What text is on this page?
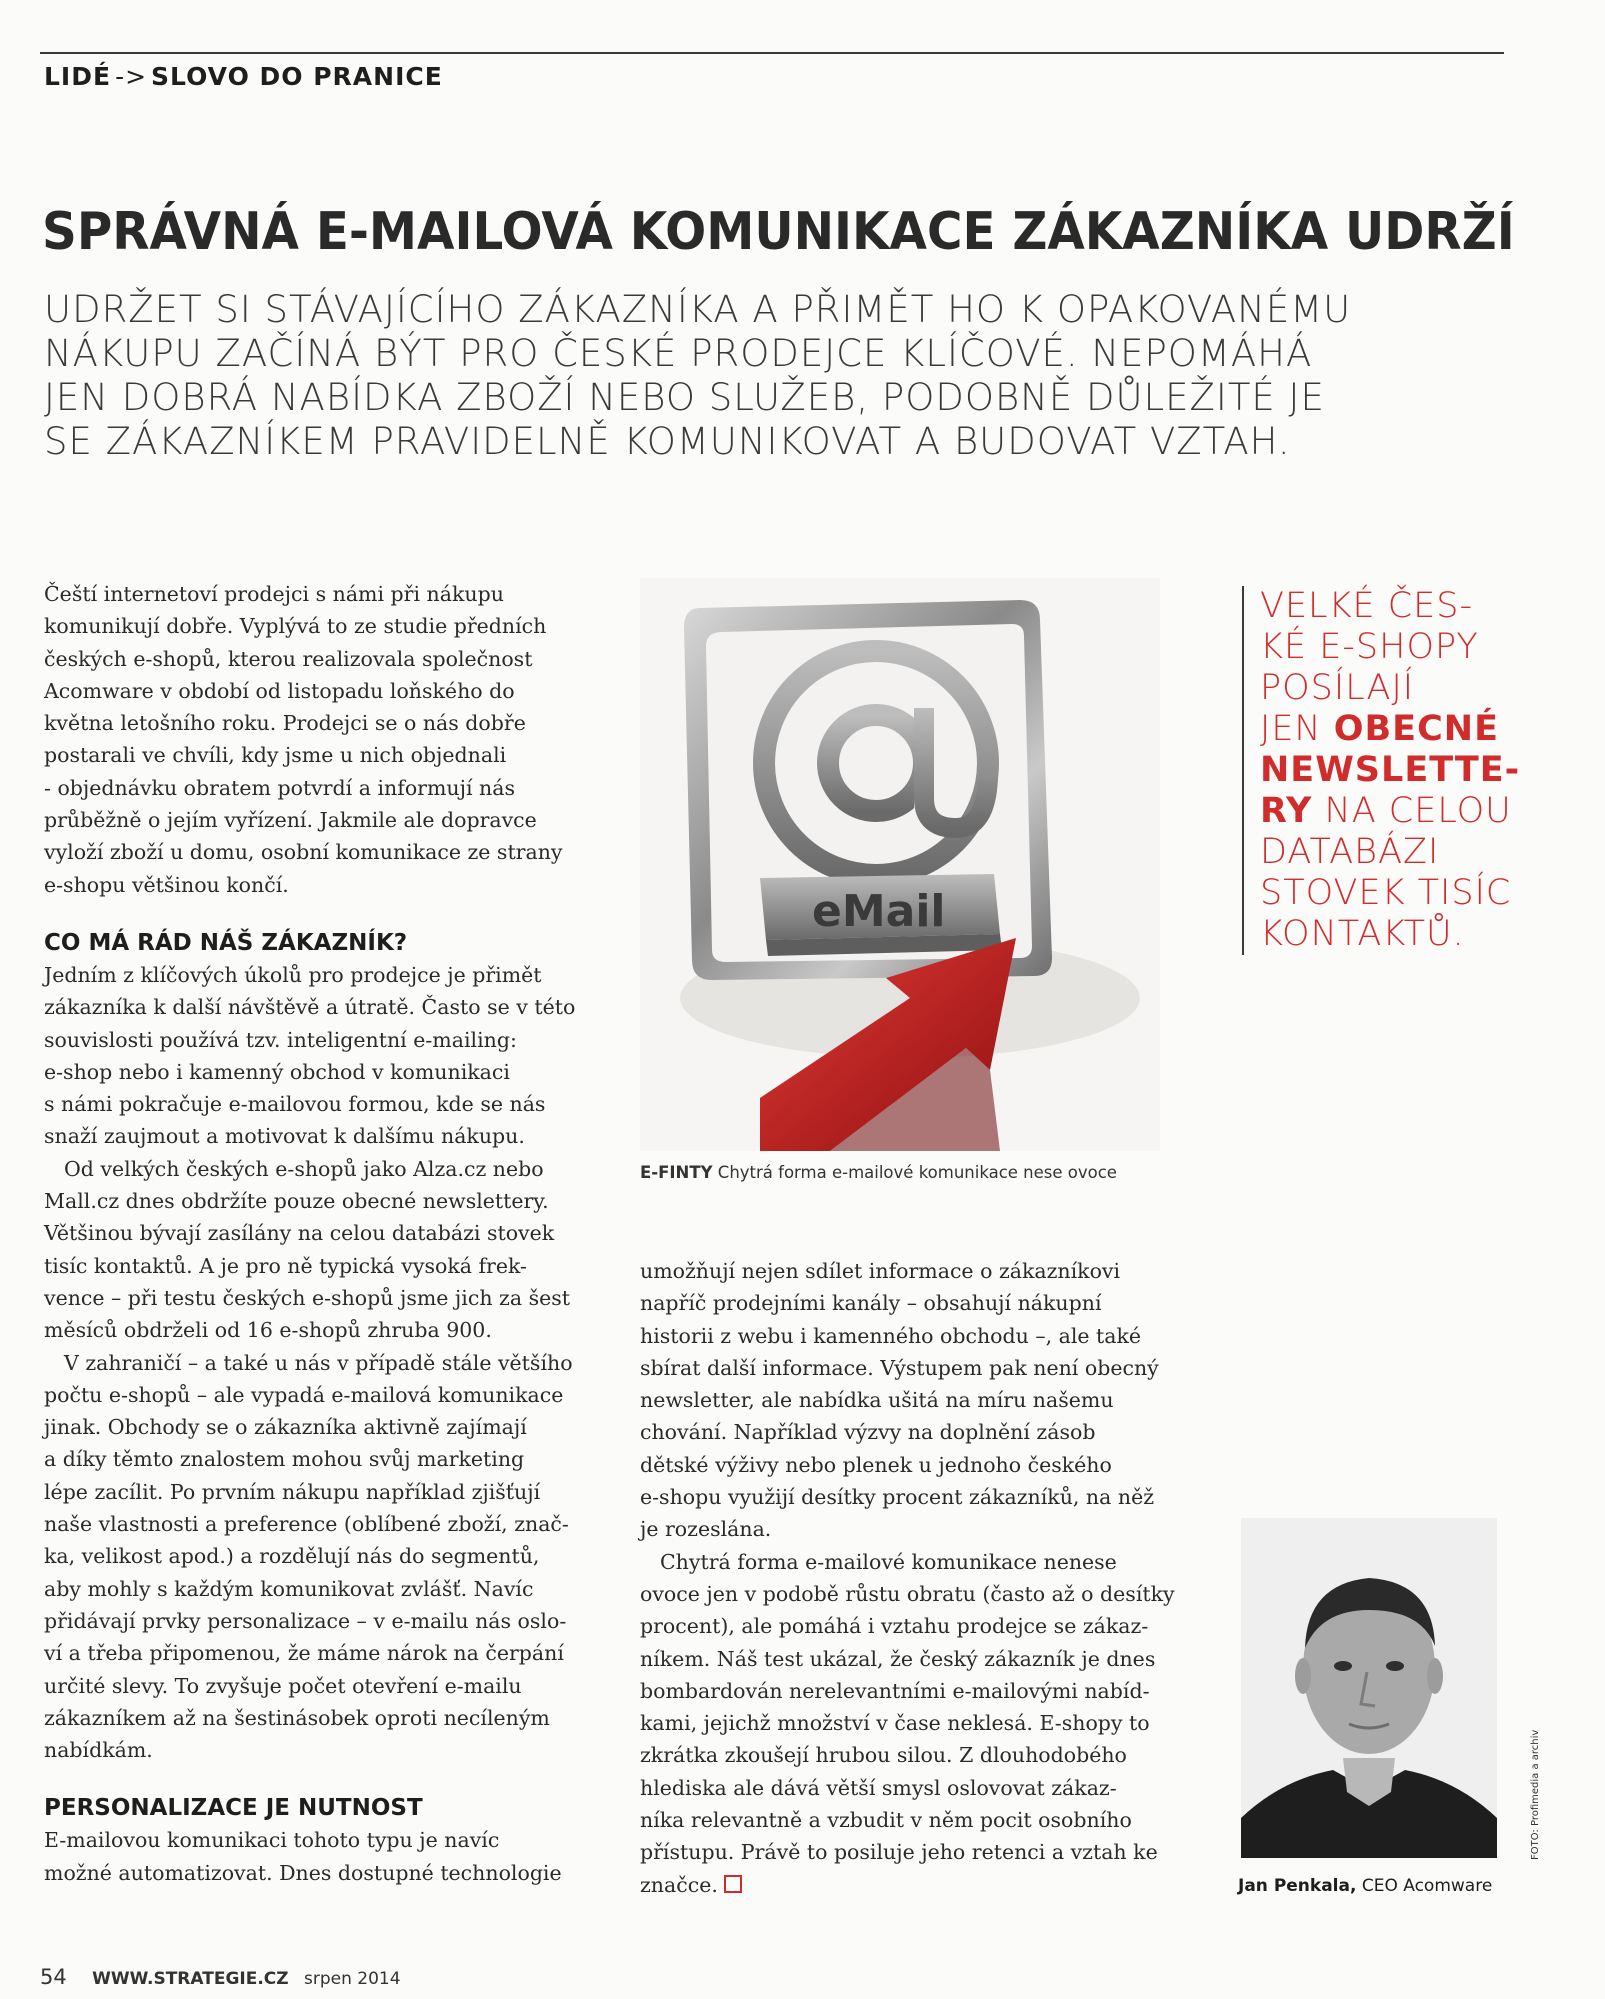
LIDÉ -> SLOVO DO PRANICE
SPRÁVNÁ E-MAILOVÁ KOMUNIKACE ZÁKAZNÍKA UDRŽÍ
UDRŽET SI STÁVAJÍCÍHO ZÁKAZNÍKA A PŘIMĚT HO K OPAKOVANÉMU
NÁKUPU ZAČÍNÁ BÝT PRO ČESKÉ PRODEJCE KLÍČOVÉ. NEPOMÁHÁ
JEN DOBRÁ NABÍDKA ZBOŽÍ NEBO SLUŽEB, PODOBNĚ DŮLEŽITÉ JE
SE ZÁKAZNÍKEM PRAVIDELNĚ KOMUNIKOVAT A BUDOVAT VZTAH.
Čeští internetoví prodejci s námi při nákupu
komunikují dobře. Vyplývá to ze studie předních
českých e-shopů, kterou realizovala společnost
Acomware v období od listopadu loňského do
května letošního roku. Prodejci se o nás dobře
postarali ve chvíli, kdy jsme u nich objednali
- objednávku obratem potvrdí a informují nás
průběžně o jejím vyřízení. Jakmile ale dopravce
vyloží zboží u domu, osobní komunikace ze strany
e-shopu většinou končí.
CO MÁ RÁD NÁŠ ZÁKAZNÍK?
Jedním z klíčových úkolů pro prodejce je přimět
zákazníka k další návštěvě a útratě. Často se v této
souvislosti používá tzv. inteligentní e-mailing:
e-shop nebo i kamenný obchod v komunikaci
s námi pokračuje e-mailovou formou, kde se nás
snaží zaujmout a motivovat k dalšímu nákupu.
Od velkých českých e-shopů jako Alza.cz nebo
Mall.cz dnes obdržíte pouze obecné newslettery.
Většinou bývají zasílány na celou databázi stovek
tisíc kontaktů. A je pro ně typická vysoká frek-
vence – při testu českých e-shopů jsme jich za šest
měsíců obdrželi od 16 e-shopů zhruba 900.
V zahraničí – a také u nás v případě stále většího
počtu e-shopů – ale vypadá e-mailová komunikace
jinak. Obchody se o zákazníka aktivně zajímají
a díky těmto znalostem mohou svůj marketing
lépe zacílit. Po prvním nákupu například zjišťují
naše vlastnosti a preference (oblíbené zboží, znač-
ka, velikost apod.) a rozdělují nás do segmentů,
aby mohly s každým komunikovat zvlášť. Navíc
přidávají prvky personalizace – v e-mailu nás oslo-
ví a třeba připomenou, že máme nárok na čerpání
určité slevy. To zvyšuje počet otevření e-mailu
zákazníkem až na šestinásobek oproti necíleným
nabídkám.
PERSONALIZACE JE NUTNOST
E-mailovou komunikaci tohoto typu je navíc
možné automatizovat. Dnes dostupné technologie
eMail
E-FINTY Chytrá forma e-mailové komunikace nese ovoce
VELKÉ ČES-
KÉ E-SHOPY
POSÍLAJÍ
JEN OBECNÉ
NEWSLETTE-
RY NA CELOU
DATABÁZI
STOVEK TISÍC
KONTAKTŮ.
umožňují nejen sdílet informace o zákazníkovi
napříč prodejními kanály – obsahují nákupní
historii z webu i kamenného obchodu –, ale také
sbírat další informace. Výstupem pak není obecný
newsletter, ale nabídka ušitá na míru našemu
chování. Například výzvy na doplnění zásob
dětské výživy nebo plenek u jednoho českého
e-shopu využijí desítky procent zákazníků, na něž
je rozeslána.
Chytrá forma e-mailové komunikace nenese
ovoce jen v podobě růstu obratu (často až o desítky
procent), ale pomáhá i vztahu prodejce se zákaz-
níkem. Náš test ukázal, že český zákazník je dnes
bombardován nerelevantními e-mailovými nabíd-
kami, jejichž množství v čase neklesá. E-shopy to
zkrátka zkoušejí hrubou silou. Z dlouhodobého
hlediska ale dává větší smysl oslovovat zákaz-
níka relevantně a vzbudit v něm pocit osobního
přístupu. Právě to posiluje jeho retenci a vztah ke
značce.	Jan Penkala, CEO Acomware
FOTO: Profimedia a archiv
54 WWW.STRATEGIE.CZ srpen 2014
